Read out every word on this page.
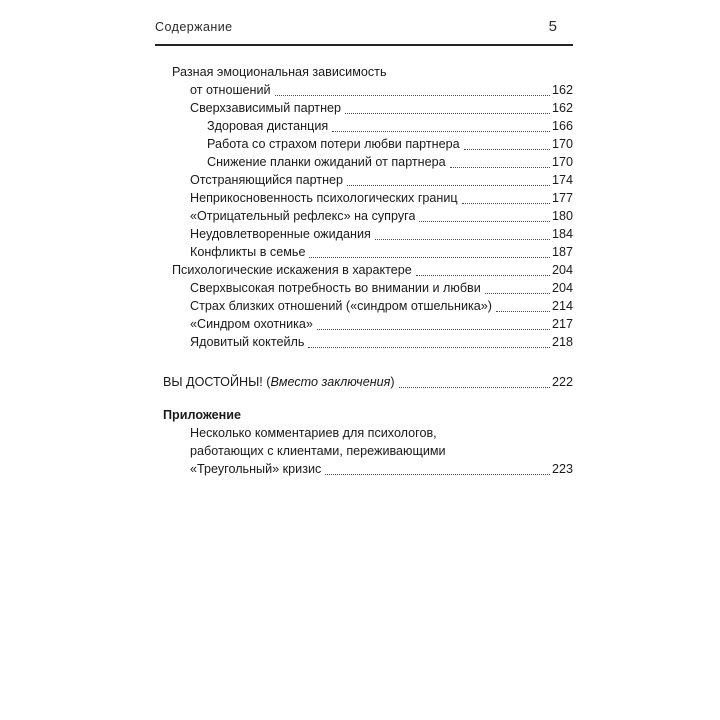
Содержание	5
Разная эмоциональная зависимость
от отношений	162
Сверхзависимый партнер	162
Здоровая дистанция	166
Работа со страхом потери любви партнера	170
Снижение планки ожиданий от партнера	170
Отстраняющийся партнер	174
Неприкосновенность психологических границ	177
«Отрицательный рефлекс» на супруга	180
Неудовлетворенные ожидания	184
Конфликты в семье	187
Психологические искажения в характере	204
Сверхвысокая потребность во внимании и любви	204
Страх близких отношений («синдром отшельника»)	214
«Синдром охотника»	217
Ядовитый коктейль	218
ВЫ ДОСТОЙНЫ! (Вместо заключения)	222
Приложение
Несколько комментариев для психологов,
работающих с клиентами, переживающими
«Треугольный» кризис	223
